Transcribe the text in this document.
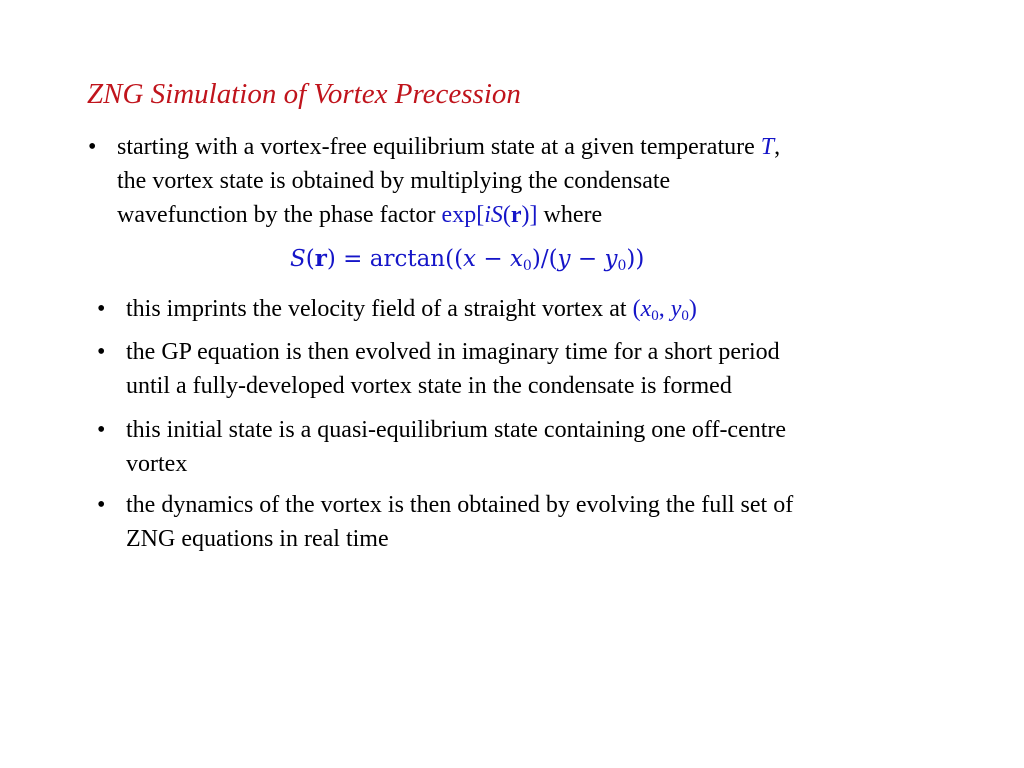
ZNG Simulation of Vortex Precession
• starting with a vortex-free equilibrium state at a given temperature T,
the vortex state is obtained by multiplying the condensate
wavefunction by the phase factor exp[iS(r)] where
$S(r) = \arctan((x - x_0)/(y - y_0))$
• this imprints the velocity field of a straight vortex at ($x_0$, $y_0$)
• the GP equation is then evolved in imaginary time for a short period
until a fully-developed vortex state in the condensate is formed
• this initial state is a quasi-equilibrium state containing one off-centre
vortex
• the dynamics of the vortex is then obtained by evolving the full set of
ZNG equations in real time
